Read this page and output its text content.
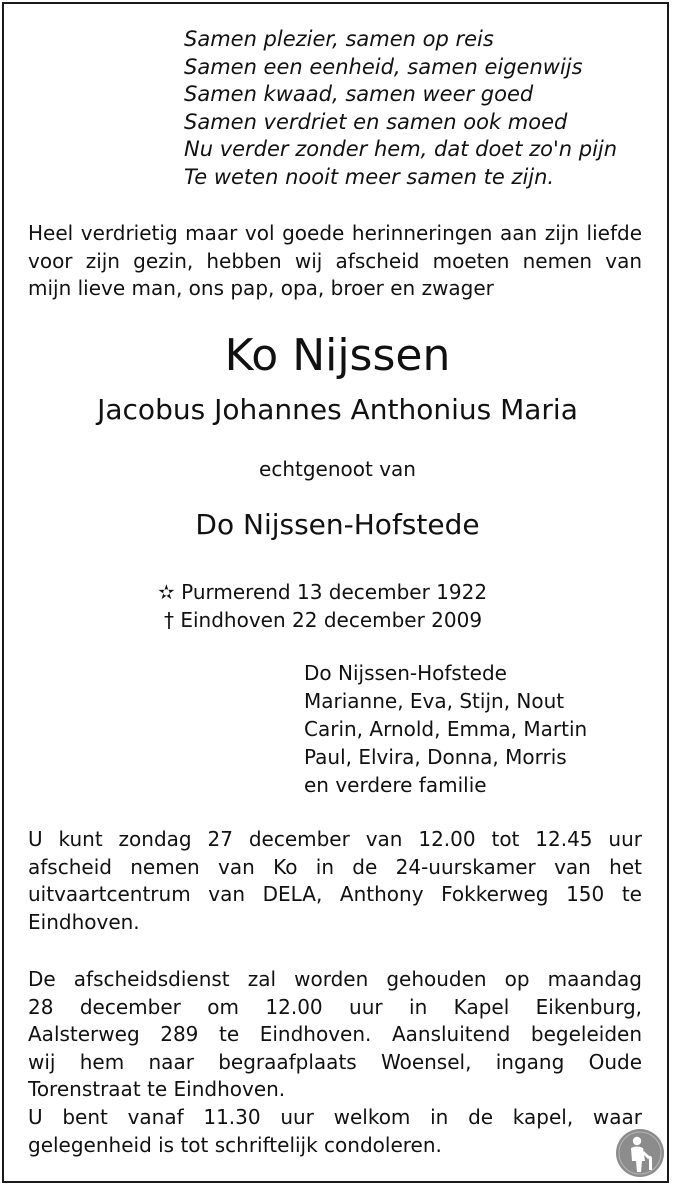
Samen plezier, samen op reis
Samen een eenheid, samen eigenwijs
Samen kwaad, samen weer goed
Samen verdriet en samen ook moed
Nu verder zonder hem, dat doet zo'n pijn
Te weten nooit meer samen te zijn.
Heel verdrietig maar vol goede herinneringen aan zijn liefde
voor zijn gezin, hebben wij afscheid moeten nemen van
mijn lieve man, ons pap, opa, broer en zwager
Ko Nijssen
Jacobus Johannes Anthonius Maria
echtgenoot van
Do Nijssen-Hofstede
✫ Purmerend 13 december 1922
† Eindhoven 22 december 2009
Do Nijssen-Hofstede
Marianne, Eva, Stijn, Nout
Carin, Arnold, Emma, Martin
Paul, Elvira, Donna, Morris
en verdere familie
U kunt zondag 27 december van 12.00 tot 12.45 uur
afscheid nemen van Ko in de 24-uurskamer van het
uitvaartcentrum van DELA, Anthony Fokkerweg 150 te
Eindhoven.
De afscheidsdienst zal worden gehouden op maandag
28 december om 12.00 uur in Kapel Eikenburg,
Aalsterweg 289 te Eindhoven. Aansluitend begeleiden
wij hem naar begraafplaats Woensel, ingang Oude
Torenstraat te Eindhoven.
U bent vanaf 11.30 uur welkom in de kapel, waar
gelegenheid is tot schriftelijk condoleren.
